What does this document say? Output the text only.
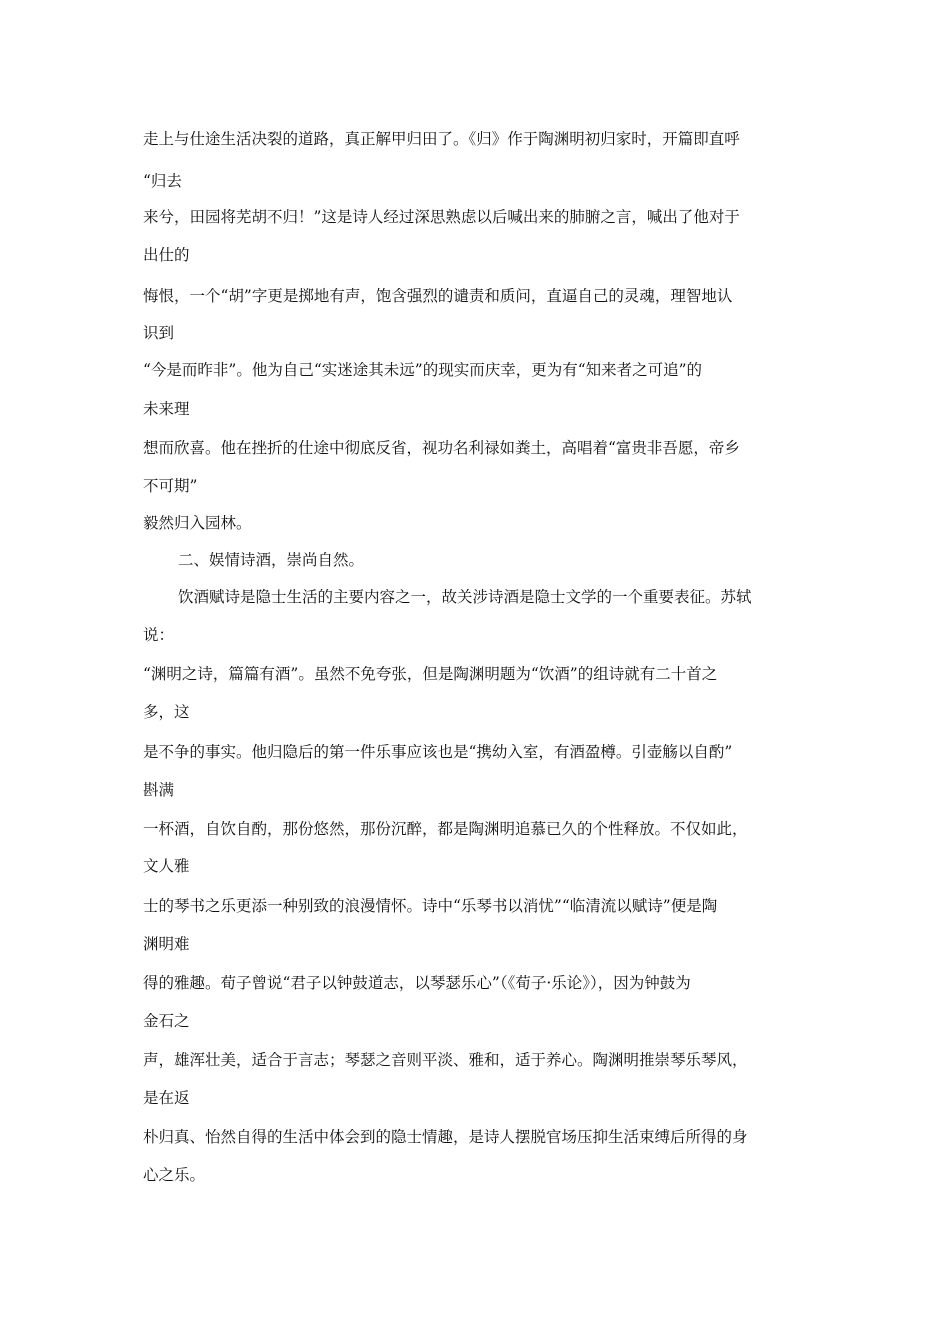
走上与仕途生活决裂的道路，真正解甲归田了。《归》作于陶渊明初归家时，开篇即直呼
“归去
来兮，田园将芜胡不归！”这是诗人经过深思熟虑以后喊出来的肺腑之言，喊出了他对于
出仕的
悔恨，一个“胡”字更是掷地有声，饱含强烈的谴责和质问，直逼自己的灵魂，理智地认
识到
“今是而昨非”。他为自己“实迷途其未远”的现实而庆幸，更为有“知来者之可追”的
未来理
想而欣喜。他在挫折的仕途中彻底反省，视功名利禄如粪土，高唱着“富贵非吾愿，帝乡
不可期”
毅然归入园林。
二、娱情诗酒，崇尚自然。
饮酒赋诗是隐士生活的主要内容之一，故关涉诗酒是隐士文学的一个重要表征。苏轼
说：
“渊明之诗，篇篇有酒”。虽然不免夸张，但是陶渊明题为“饮酒”的组诗就有二十首之
多，这
是不争的事实。他归隐后的第一件乐事应该也是“携幼入室，有酒盈樽。引壶觞以自酌”
斟满
一杯酒，自饮自酌，那份悠然，那份沉醉，都是陶渊明追慕已久的个性释放。不仅如此，
文人雅
士的琴书之乐更添一种别致的浪漫情怀。诗中“乐琴书以消忧”“临清流以赋诗”便是陶
渊明难
得的雅趣。荀子曾说“君子以钟鼓道志，以琴瑟乐心”（《荀子·乐论》），因为钟鼓为
金石之
声，雄浑壮美，适合于言志；琴瑟之音则平淡、雅和，适于养心。陶渊明推崇琴乐琴风，
是在返
朴归真、怡然自得的生活中体会到的隐士情趣，是诗人摆脱官场压抑生活束缚后所得的身
心之乐。
